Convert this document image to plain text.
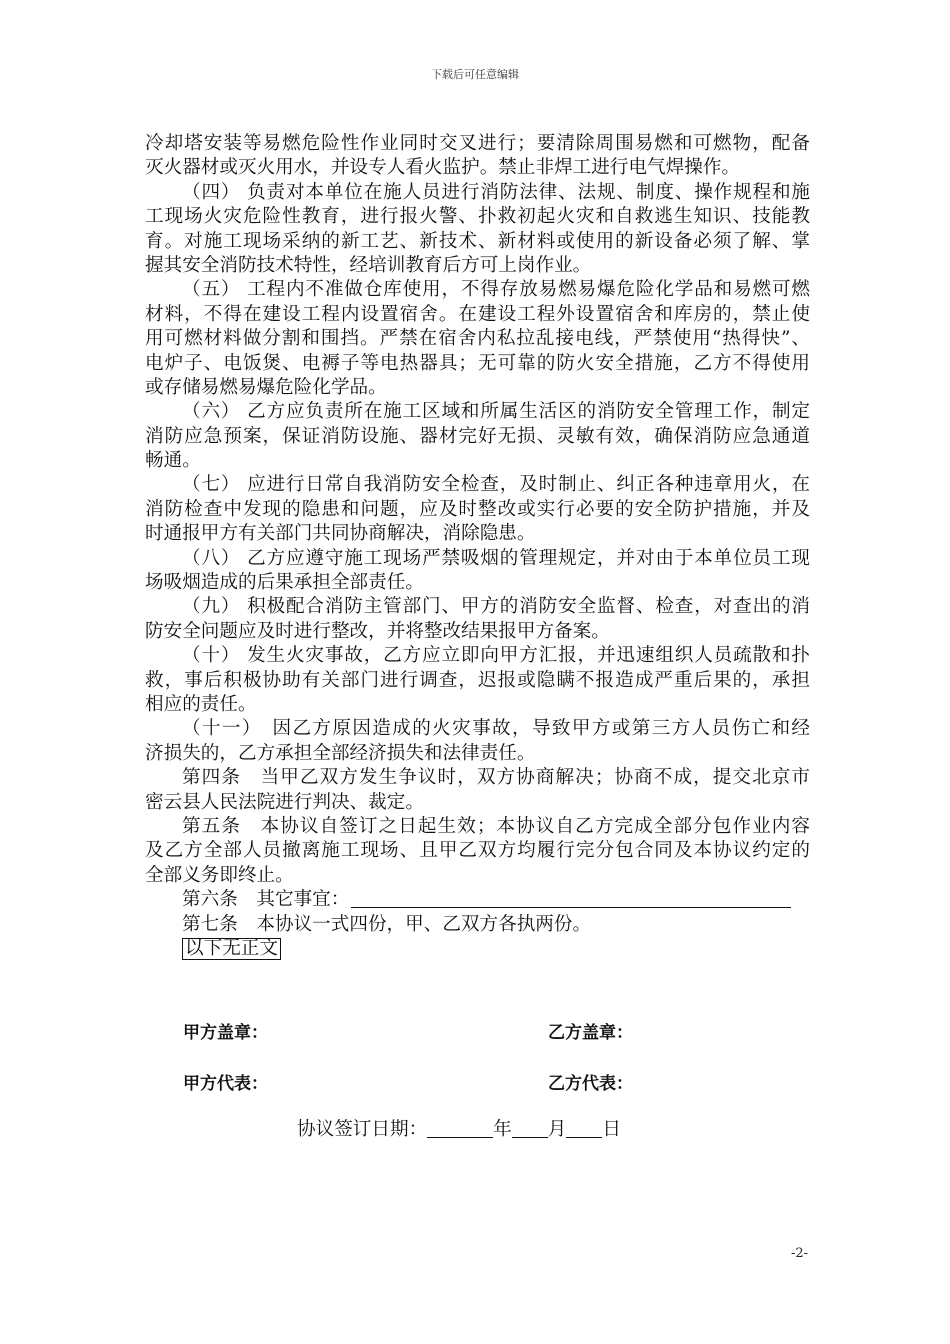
下载后可任意编辑
冷却塔安装等易燃危险性作业同时交叉进行；要清除周围易燃和可燃物，配备
灭火器材或灭火用水，并设专人看火监护。禁止非焊工进行电气焊操作。
（四） 负责对本单位在施人员进行消防法律、法规、制度、操作规程和施
工现场火灾危险性教育，进行报火警、扑救初起火灾和自救逃生知识、技能教
育。对施工现场采纳的新工艺、新技术、新材料或使用的新设备必须了解、掌
握其安全消防技术特性，经培训教育后方可上岗作业。
（五） 工程内不准做仓库使用，不得存放易燃易爆危险化学品和易燃可燃
材料，不得在建设工程内设置宿舍。在建设工程外设置宿舍和库房的，禁止使
用可燃材料做分割和围挡。严禁在宿舍内私拉乱接电线，严禁使用“热得快”、
电炉子、电饭煲、电褥子等电热器具；无可靠的防火安全措施，乙方不得使用
或存储易燃易爆危险化学品。
（六） 乙方应负责所在施工区域和所属生活区的消防安全管理工作，制定
消防应急预案，保证消防设施、器材完好无损、灵敏有效，确保消防应急通道
畅通。
（七） 应进行日常自我消防安全检查，及时制止、纠正各种违章用火，在
消防检查中发现的隐患和问题，应及时整改或实行必要的安全防护措施，并及
时通报甲方有关部门共同协商解决，消除隐患。
（八） 乙方应遵守施工现场严禁吸烟的管理规定，并对由于本单位员工现
场吸烟造成的后果承担全部责任。
（九） 积极配合消防主管部门、甲方的消防安全监督、检查，对查出的消
防安全问题应及时进行整改，并将整改结果报甲方备案。
（十） 发生火灾事故，乙方应立即向甲方汇报，并迅速组织人员疏散和扑
救，事后积极协助有关部门进行调查，迟报或隐瞒不报造成严重后果的，承担
相应的责任。
（十一）　因乙方原因造成的火灾事故，导致甲方或第三方人员伤亡和经
济损失的，乙方承担全部经济损失和法律责任。
第四条　当甲乙双方发生争议时，双方协商解决；协商不成，提交北京市
密云县人民法院进行判决、裁定。
第五条　本协议自签订之日起生效；本协议自乙方完成全部分包作业内容
及乙方全部人员撤离施工现场、且甲乙双方均履行完分包合同及本协议约定的
全部义务即终止。
第六条　其它事宜：
第七条　本协议一式四份，甲、乙双方各执两份。
以下无正文
甲方盖章：	乙方盖章：
甲方代表：	乙方代表：
协议签订日期：	年 月 日
-2-
